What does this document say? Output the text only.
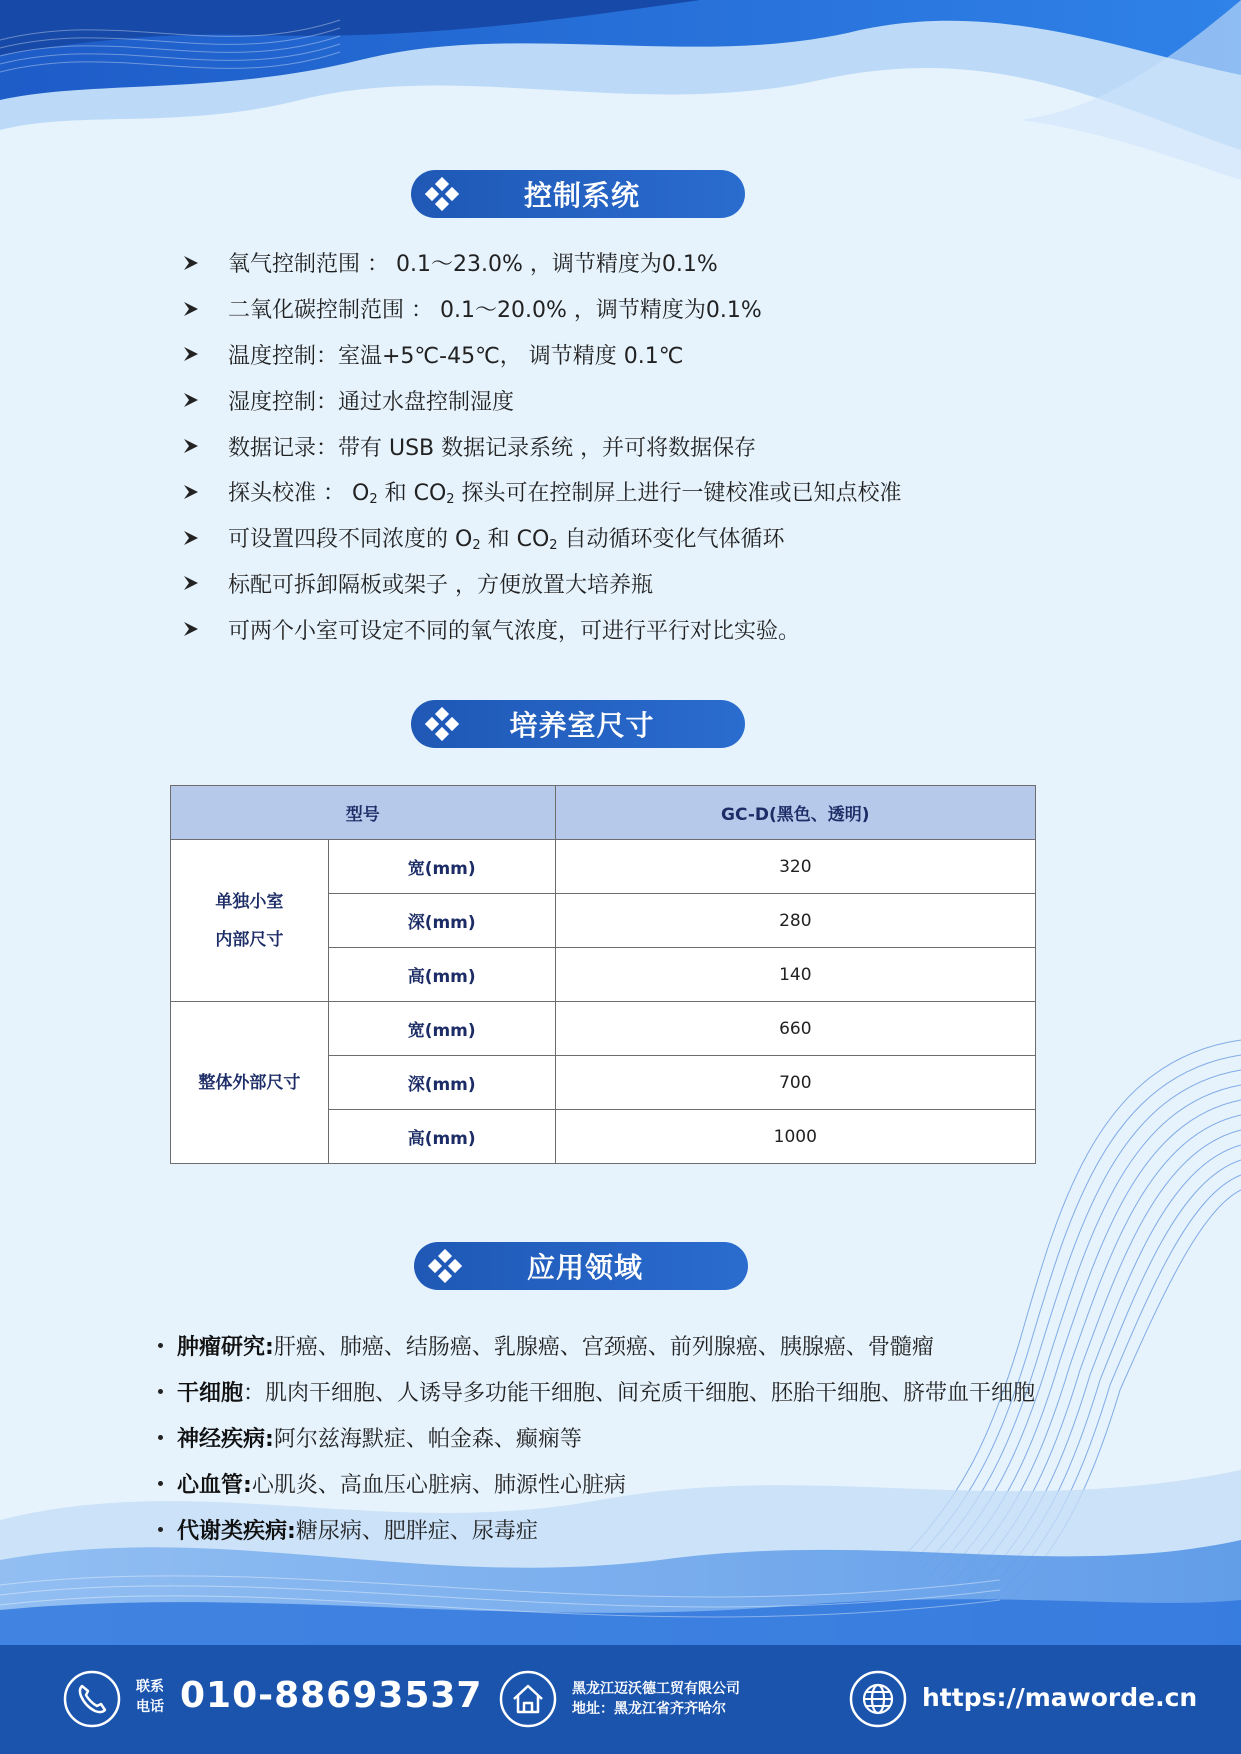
控制系统
氧气控制范围 ： 0.1～23.0% ，调节精度为0.1%
二氧化碳控制范围 ： 0.1～20.0% ，调节精度为0.1%
温度控制：室温+5℃-45℃， 调节精度 0.1℃
湿度控制：通过水盘控制湿度
数据记录：带有 USB 数据记录系统 ，并可将数据保存
探头校准 ： $O_2$ 和 $CO_2$ 探头可在控制屏上进行一键校准或已知点校准
可设置四段不同浓度的 $O_2$ 和 $CO_2$ 自动循环变化气体循环
标配可拆卸隔板或架子 ，方便放置大培养瓶
可两个小室可设定不同的氧气浓度，可进行平行对比实验。
培养室尺寸
型号		GC-D(黑色、透明)

单独小室
内部尺寸	宽(mm)	320
	深(mm)	280
	高(mm)	140

整体外部尺寸	宽(mm)	660
	深(mm)	700
	高(mm)	1000
应用领域
肿瘤研究: 肝癌、肺癌、结肠癌、乳腺癌、宫颈癌、前列腺癌、胰腺癌、骨髓瘤
干细胞 ：肌肉干细胞、人诱导多功能干细胞、间充质干细胞、胚胎干细胞、脐带血干细胞
神经疾病: 阿尔兹海默症、帕金森、癫痫等
心血管: 心肌炎、高血压心脏病、肺源性心脏病
代谢类疾病: 糖尿病、肥胖症、尿毒症
联系
电话 010-88693537	黑龙江迈沃德工贸有限公司
地址：黑龙江省齐齐哈尔	https://maworde.cn
